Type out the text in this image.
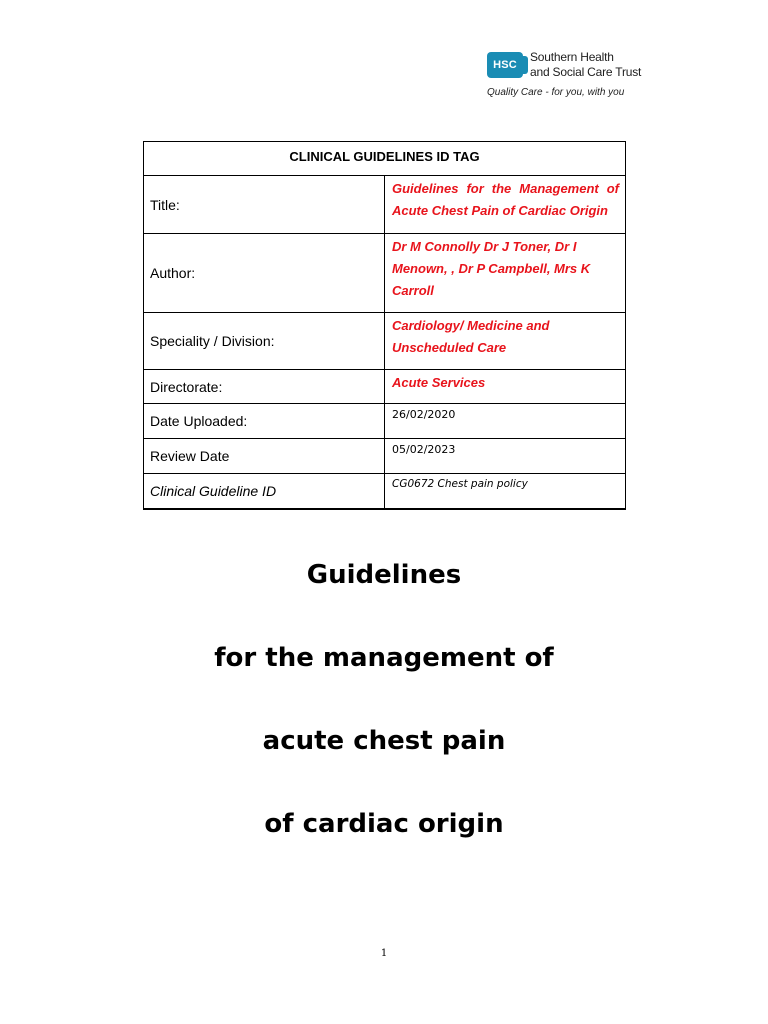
HSC
Southern Health
and Social Care Trust
Quality Care - for you, with you
CLINICAL GUIDELINES ID TAG	
Title:	Guidelines for the Management of Acute Chest Pain of Cardiac Origin

Author:	Dr M Connolly Dr J Toner, Dr I Menown, , Dr P Campbell, Mrs K Carroll

Speciality / Division:	Cardiology/ Medicine and Unscheduled Care

Directorate:	Acute Services

Date Uploaded:	26/02/2020

Review Date	05/02/2023

Clinical Guideline ID	CG0672 Chest pain policy
Guidelines
for the management of
acute chest pain
of cardiac origin
1
